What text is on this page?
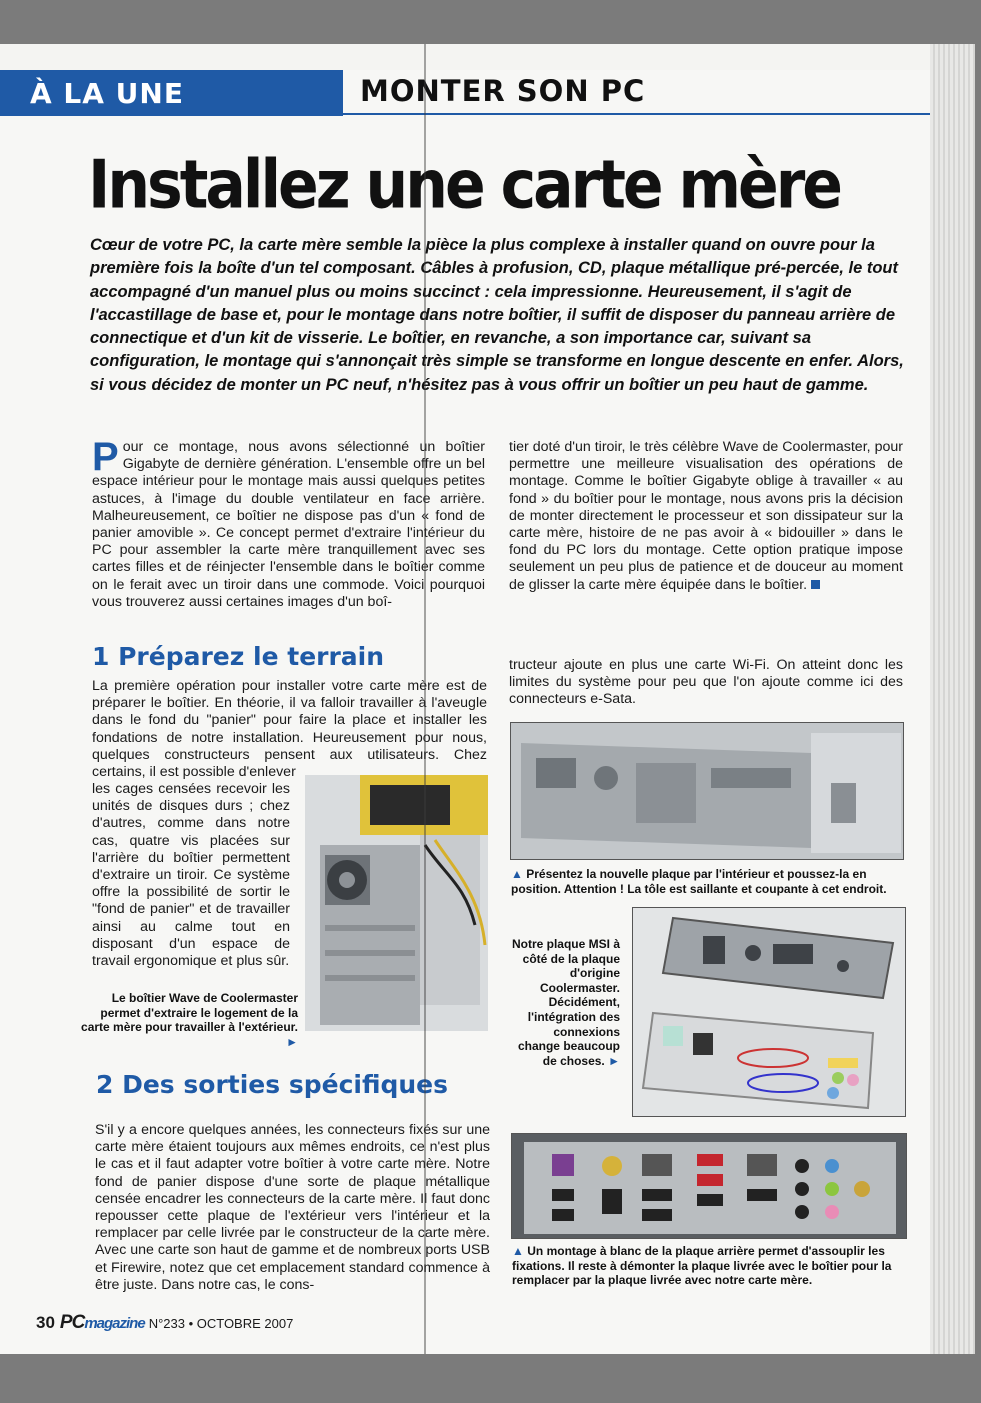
À LA UNE	MONTER SON PC
Installez une carte mère
Cœur de votre PC, la carte mère semble la pièce la plus complexe à installer quand on ouvre pour la première fois la boîte d'un tel composant. Câbles à profusion, CD, plaque métallique pré-percée, le tout accompagné d'un manuel plus ou moins succinct : cela impressionne. Heureusement, il s'agit de l'accastillage de base et, pour le montage dans notre boîtier, il suffit de disposer du panneau arrière de connectique et d'un kit de visserie. Le boîtier, en revanche, a son importance car, suivant sa configuration, le montage qui s'annonçait très simple se transforme en longue descente en enfer. Alors, si vous décidez de monter un PC neuf, n'hésitez pas à vous offrir un boîtier un peu haut de gamme.
Pour ce montage, nous avons sélectionné un boîtier Gigabyte de dernière génération. L'ensemble offre un bel espace intérieur pour le montage mais aussi quelques petites astuces, à l'image du double ventilateur en face arrière. Malheureusement, ce boîtier ne dispose pas d'un « fond de panier amovible ». Ce concept permet d'extraire l'intérieur du PC pour assembler la carte mère tranquillement avec ses cartes filles et de réinjecter l'ensemble dans le boîtier comme on le ferait avec un tiroir dans une commode. Voici pourquoi vous trouverez aussi certaines images d'un boî-
tier doté d'un tiroir, le très célèbre Wave de Coolermaster, pour permettre une meilleure visualisation des opérations de montage. Comme le boîtier Gigabyte oblige à travailler « au fond » du boîtier pour le montage, nous avons pris la décision de monter directement le processeur et son dissipateur sur la carte mère, histoire de ne pas avoir à « bidouiller » dans le fond du PC lors du montage. Cette option pratique impose seulement un peu plus de patience et de douceur au moment de glisser la carte mère équipée dans le boîtier.
1 Préparez le terrain
La première opération pour installer votre carte mère est de préparer le boîtier. En théorie, il va falloir travailler à l'aveugle dans le fond du "panier" pour faire la place et installer les fondations de notre installation. Heureusement pour nous, quelques constructeurs pensent aux utilisateurs. Chez certains, il est possible d'enlever
les cages censées recevoir les unités de disques durs ; chez d'autres, comme dans notre cas, quatre vis placées sur l'arrière du boîtier permettent d'extraire un tiroir. Ce système offre la possibilité de sortir le "fond de panier" et de travailler ainsi au calme tout en disposant d'un espace de travail ergonomique et plus sûr.
Le boîtier Wave de Coolermaster permet d'extraire le logement de la carte mère pour travailler à l'extérieur. ►
2 Des sorties spécifiques
S'il y a encore quelques années, les connecteurs fixés sur une carte mère étaient toujours aux mêmes endroits, ce n'est plus le cas et il faut adapter votre boîtier à votre carte mère. Notre fond de panier dispose d'une sorte de plaque métallique censée encadrer les connecteurs de la carte mère. Il faut donc repousser cette plaque de l'extérieur vers l'intérieur et la remplacer par celle livrée par le constructeur de la carte mère. Avec une carte son haut de gamme et de nombreux ports USB et Firewire, notez que cet emplacement standard commence à être juste. Dans notre cas, le cons-
tructeur ajoute en plus une carte Wi-Fi. On atteint donc les limites du système pour peu que l'on ajoute comme ici des connecteurs e-Sata.
▲ Présentez la nouvelle plaque par l'intérieur et poussez-la en position. Attention ! La tôle est saillante et coupante à cet endroit.
Notre plaque MSI à côté de la plaque d'origine Coolermaster. Décidément, l'intégration des connexions change beaucoup de choses. ►
▲ Un montage à blanc de la plaque arrière permet d'assouplir les fixations. Il reste à démonter la plaque livrée avec le boîtier pour la remplacer par la plaque livrée avec notre carte mère.
30 PCmagazine N°233 • OCTOBRE 2007
